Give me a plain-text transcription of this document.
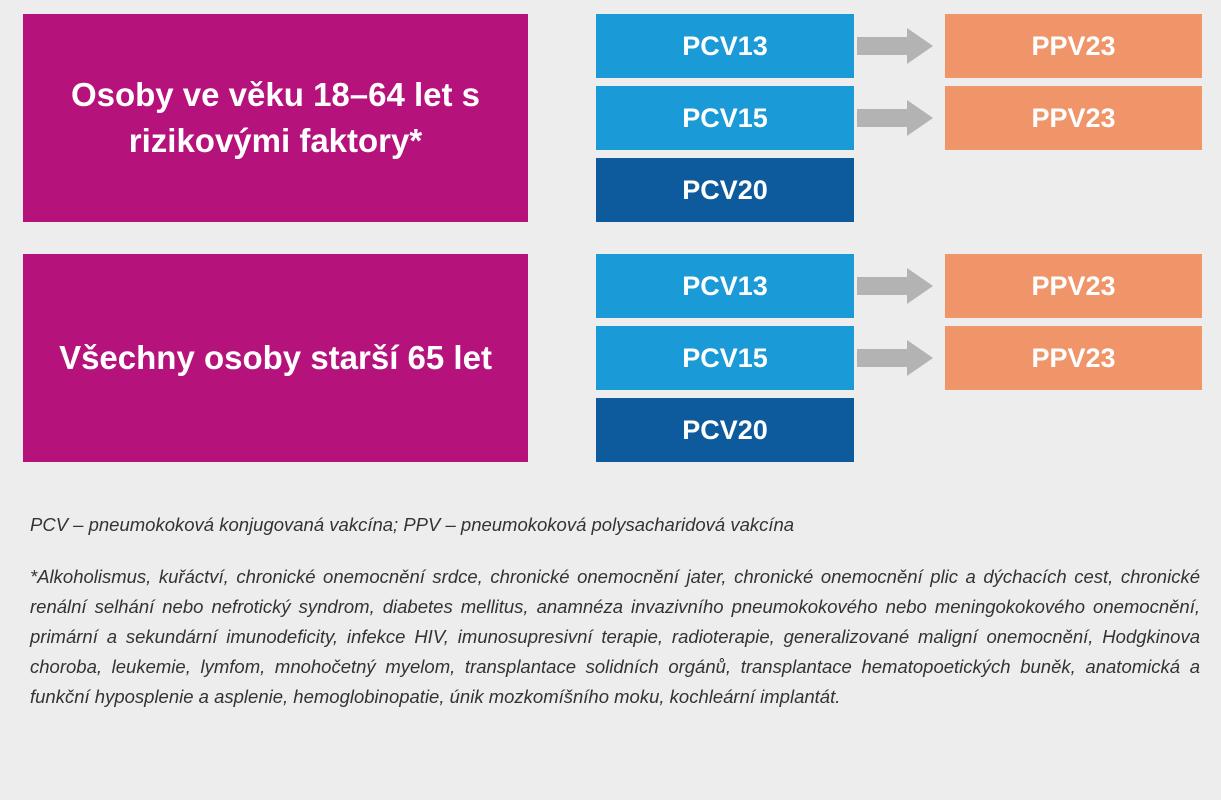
Osoby ve věku 18–64 let s rizikovými faktory*
PCV13	PPV23
PCV15	PPV23
PCV20
Všechny osoby starší 65 let
PCV13	PPV23
PCV15	PPV23
PCV20
PCV – pneumokoková konjugovaná vakcína; PPV – pneumokoková polysacharidová vakcína
*Alkoholismus, kuřáctví, chronické onemocnění srdce, chronické onemocnění jater, chronické onemocnění plic a dýchacích cest, chronické renální selhání nebo nefrotický syndrom, diabetes mellitus, anamnéza invazivního pneumokokového nebo meningokokového onemocnění, primární a sekundární imunodeficity, infekce HIV, imunosupresivní terapie, radioterapie, generalizované maligní onemocnění, Hodgkinova choroba, leukemie, lymfom, mnohočetný myelom, transplantace solidních orgánů, transplantace hematopoetických buněk, anatomická a funkční hyposplenie a asplenie, hemoglobinopatie, únik mozkomíšního moku, kochleární implantát.
